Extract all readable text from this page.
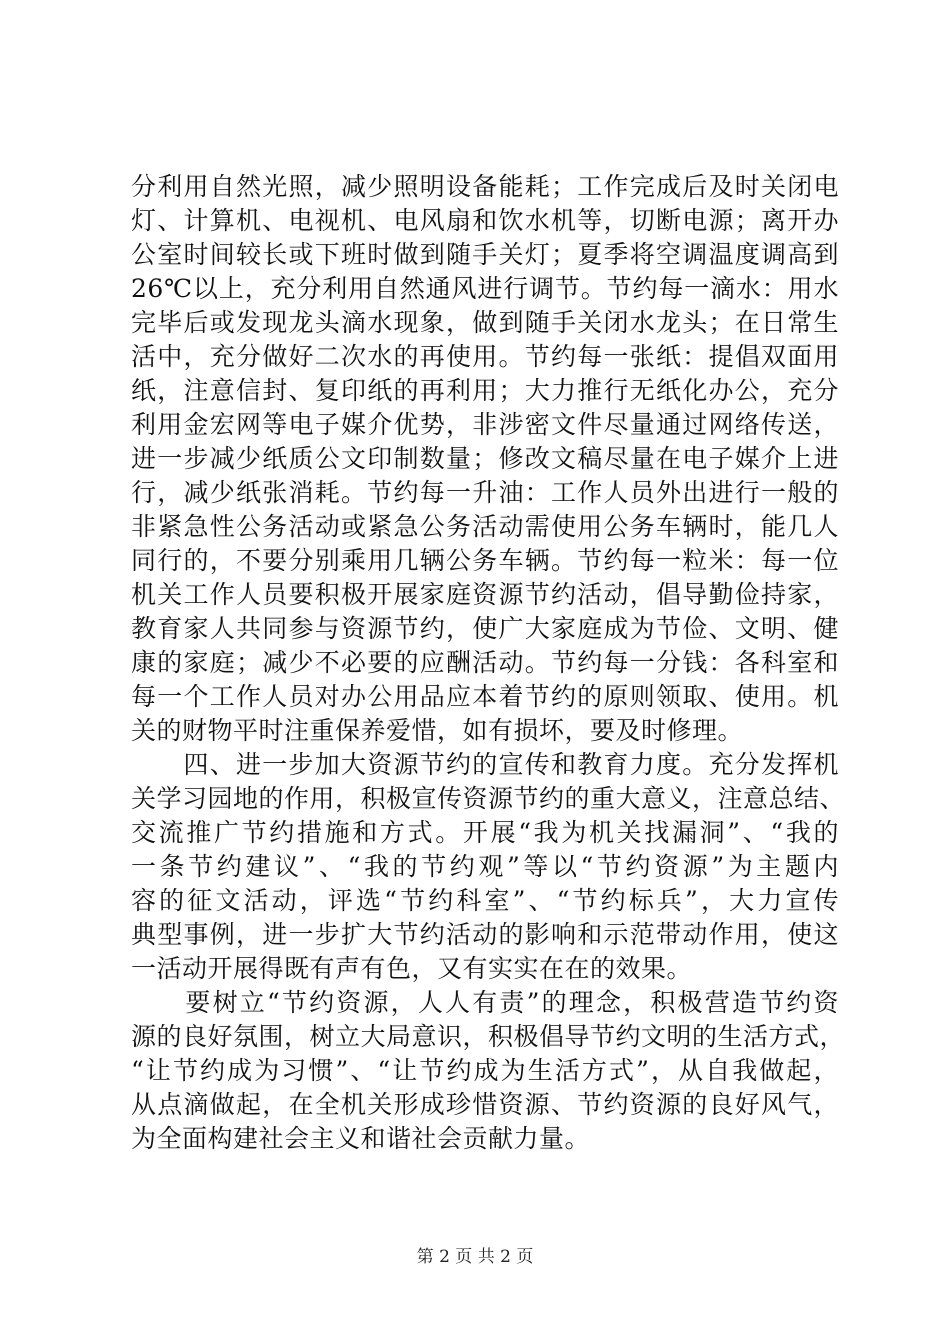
分利用自然光照，减少照明设备能耗；工作完成后及时关闭电
灯、计算机、电视机、电风扇和饮水机等，切断电源；离开办
公室时间较长或下班时做到随手关灯；夏季将空调温度调高到
26℃以上，充分利用自然通风进行调节。节约每一滴水：用水
完毕后或发现龙头滴水现象，做到随手关闭水龙头；在日常生
活中，充分做好二次水的再使用。节约每一张纸：提倡双面用
纸，注意信封、复印纸的再利用；大力推行无纸化办公，充分
利用金宏网等电子媒介优势，非涉密文件尽量通过网络传送，
进一步减少纸质公文印制数量；修改文稿尽量在电子媒介上进
行，减少纸张消耗。节约每一升油：工作人员外出进行一般的
非紧急性公务活动或紧急公务活动需使用公务车辆时，能几人
同行的，不要分别乘用几辆公务车辆。节约每一粒米：每一位
机关工作人员要积极开展家庭资源节约活动，倡导勤俭持家，
教育家人共同参与资源节约，使广大家庭成为节俭、文明、健
康的家庭；减少不必要的应酬活动。节约每一分钱：各科室和
每一个工作人员对办公用品应本着节约的原则领取、使用。机
关的财物平时注重保养爱惜，如有损坏，要及时修理。
　　四、进一步加大资源节约的宣传和教育力度。充分发挥机
关学习园地的作用，积极宣传资源节约的重大意义，注意总结、
交流推广节约措施和方式。开展“我为机关找漏洞”、“我的
一条节约建议”、“我的节约观”等以“节约资源”为主题内
容的征文活动，评选“节约科室”、“节约标兵”，大力宣传
典型事例，进一步扩大节约活动的影响和示范带动作用，使这
一活动开展得既有声有色，又有实实在在的效果。
　　要树立“节约资源，人人有责”的理念，积极营造节约资
源的良好氛围，树立大局意识，积极倡导节约文明的生活方式，
“让节约成为习惯”、“让节约成为生活方式”，从自我做起，
从点滴做起，在全机关形成珍惜资源、节约资源的良好风气，
为全面构建社会主义和谐社会贡献力量。
第 2 页 共 2 页
